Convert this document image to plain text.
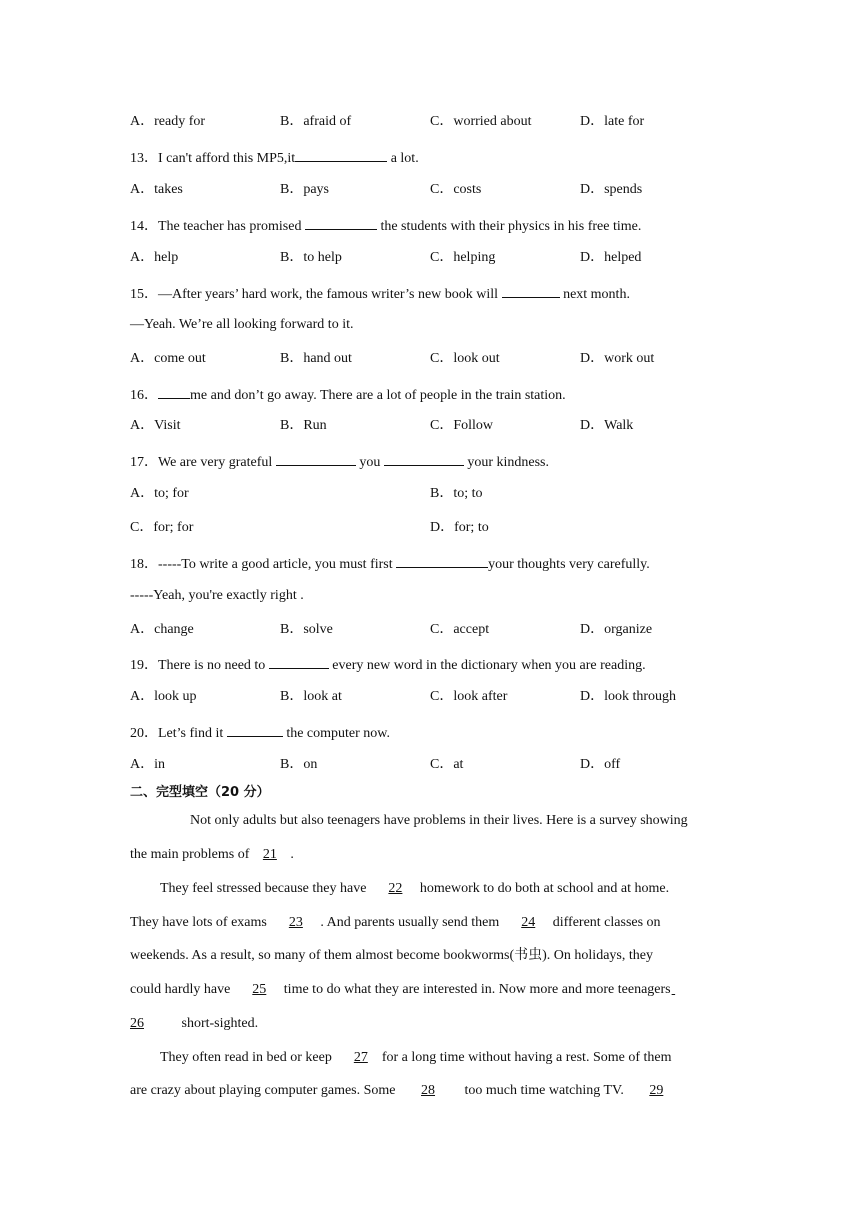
A．ready for	B．afraid of	C．worried about	D．late for
13．I can't afford this MP5,it	a lot.
A．takes	B．pays	C．costs	D．spends
14．The teacher has promised	the students with their physics in his free time.
A．help	B．to help	C．helping	D．helped
15．—After years’ hard work, the famous writer’s new book will	next month.
—Yeah. We’re all looking forward to it.
A．come out	B．hand out	C．look out	D．work out
16． me and don’t go away. There are a lot of people in the train station.
A．Visit	B．Run	C．Follow	D．Walk
17．We are very grateful	you	your kindness.
A．to; for	B．to; to
C．for; for	D．for; to
18．-----To write a good article, you must first	your thoughts very carefully.
-----Yeah, you're exactly right .
A．change	B．solve	C．accept	D．organize
19．There is no need to	every new word in the dictionary when you are reading.
A．look up	B．look at	C．look after	D．look through
20．Let’s find it	the computer now.
A．in	B．on	C．at	D．off
二、完型填空（20 分）
Not only adults but also teenagers have problems in their lives. Here is a survey showing
the main problems of 21 .
They feel stressed because they have 22 homework to do both at school and at home.
They have lots of exams 23 . And parents usually send them 24 different classes on
weekends. As a result, so many of them almost become bookworms(书虫). On holidays, they
could hardly have 25 time to do what they are interested in. Now more and more teenagers
26 short-sighted.
They often read in bed or keep 27 for a long time without having a rest. Some of them
are crazy about playing computer games. Some 28 too much time watching TV. 29
